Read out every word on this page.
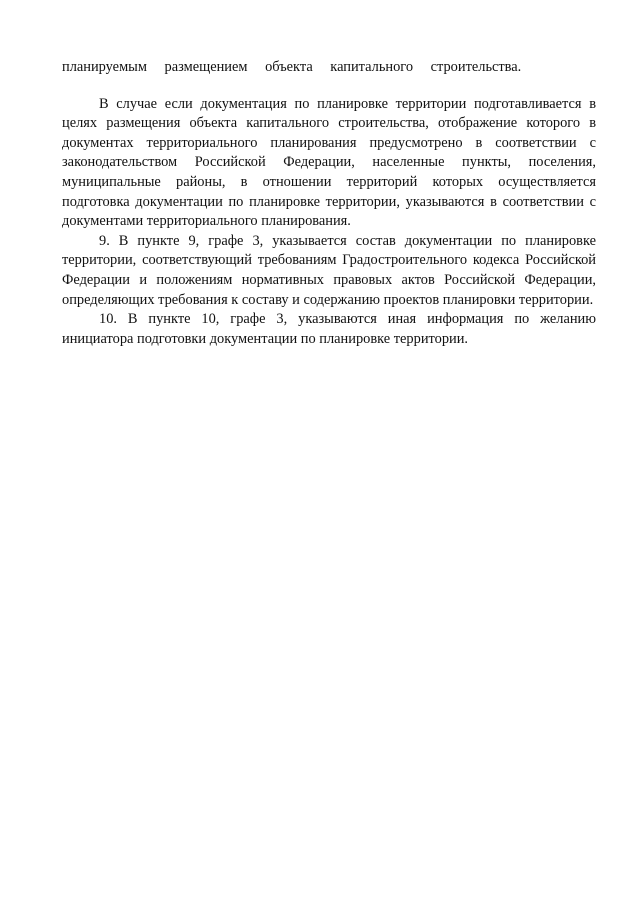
планируемым размещением объекта капитального строительства.

В случае если документация по планировке территории подготавливается в целях размещения объекта капитального строительства, отображение которого в документах территориального планирования предусмотрено в соответствии с законодательством Российской Федерации, населенные пункты, поселения, муниципальные районы, в отношении территорий которых осуществляется подготовка документации по планировке территории, указываются в соответствии с документами территориального планирования.

9. В пункте 9, графе 3, указывается состав документации по планировке территории, соответствующий требованиям Градостроительного кодекса Российской Федерации и положениям нормативных правовых актов Российской Федерации, определяющих требования к составу и содержанию проектов планировки территории.

10. В пункте 10, графе 3, указываются иная информация по желанию инициатора подготовки документации по планировке территории.
